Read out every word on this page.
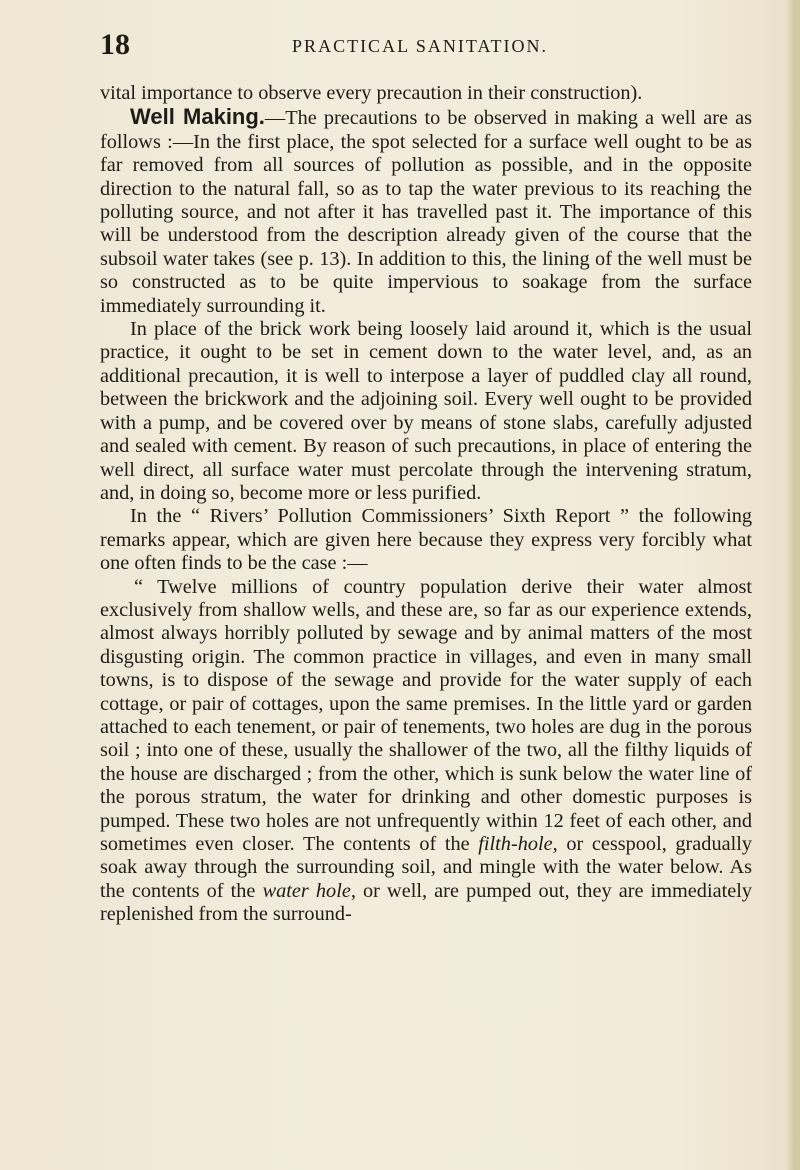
18	PRACTICAL SANITATION.

vital importance to observe every precaution in their construction).

Well Making.—The precautions to be observed in making a well are as follows :—In the first place, the spot selected for a surface well ought to be as far removed from all sources of pollution as possible, and in the opposite direction to the natural fall, so as to tap the water previous to its reaching the polluting source, and not after it has travelled past it. The importance of this will be understood from the description already given of the course that the subsoil water takes (see p. 13). In addition to this, the lining of the well must be so constructed as to be quite impervious to soakage from the surface immediately surrounding it.

In place of the brick work being loosely laid around it, which is the usual practice, it ought to be set in cement down to the water level, and, as an additional precaution, it is well to interpose a layer of puddled clay all round, between the brickwork and the adjoining soil. Every well ought to be provided with a pump, and be covered over by means of stone slabs, carefully adjusted and sealed with cement. By reason of such precautions, in place of entering the well direct, all surface water must percolate through the intervening stratum, and, in doing so, become more or less purified.

In the “ Rivers’ Pollution Commissioners’ Sixth Report ” the following remarks appear, which are given here because they express very forcibly what one often finds to be the case :—

“ Twelve millions of country population derive their water almost exclusively from shallow wells, and these are, so far as our experience extends, almost always horribly polluted by sewage and by animal matters of the most disgusting origin. The common practice in villages, and even in many small towns, is to dispose of the sewage and provide for the water supply of each cottage, or pair of cottages, upon the same premises. In the little yard or garden attached to each tenement, or pair of tenements, two holes are dug in the porous soil ; into one of these, usually the shallower of the two, all the filthy liquids of the house are discharged ; from the other, which is sunk below the water line of the porous stratum, the water for drinking and other domestic purposes is pumped. These two holes are not unfrequently within 12 feet of each other, and sometimes even closer. The contents of the filth-hole, or cesspool, gradually soak away through the surrounding soil, and mingle with the water below. As the contents of the water hole, or well, are pumped out, they are immediately replenished from the surround-
